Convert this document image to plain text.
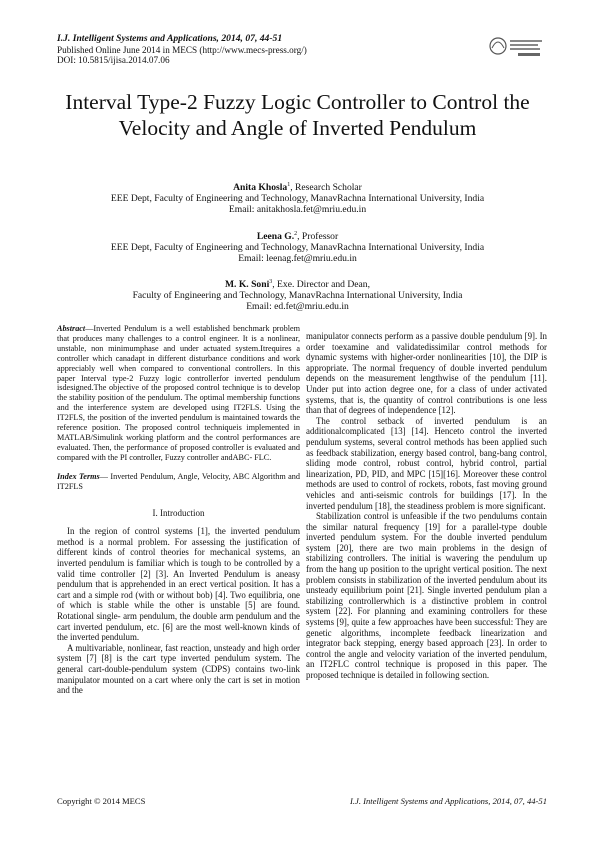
I.J. Intelligent Systems and Applications, 2014, 07, 44-51
Published Online June 2014 in MECS (http://www.mecs-press.org/)
DOI: 10.5815/ijisa.2014.07.06
Interval Type-2 Fuzzy Logic Controller to Control the Velocity and Angle of Inverted Pendulum
Anita Khosla$^1$, Research Scholar
EEE Dept, Faculty of Engineering and Technology, ManavRachna International University, India
Email: anitakhosla.fet@mriu.edu.in
Leena G.$^2$, Professor
EEE Dept, Faculty of Engineering and Technology, ManavRachna International University, India
Email: leenag.fet@mriu.edu.in
M. K. Soni$^3$, Exe. Director and Dean,
Faculty of Engineering and Technology, ManavRachna International University, India
Email: ed.fet@mriu.edu.in

Abstract—Inverted Pendulum is a well established benchmark problem that produces many challenges to a control engineer. It is a nonlinear, unstable, non minimumphase and under actuated system.Itrequires a controller which canadapt in different disturbance conditions and work appreciably well when compared to conventional controllers. In this paper Interval type-2 Fuzzy logic controllerfor inverted pendulum isdesigned.The objective of the proposed control technique is to develop the stability position of the pendulum. The optimal membership functions and the interference system are developed using IT2FLS. Using the IT2FLS, the position of the inverted pendulum is maintained towards the reference position. The proposed control techniqueis implemented in MATLAB/Simulink working platform and the control performances are evaluated. Then, the performance of proposed controller is evaluated and compared with the PI controller, Fuzzy controller andABC- FLC.

Index Terms— Inverted Pendulum, Angle, Velocity, ABC Algorithm and IT2FLS

I. Introduction

In the region of control systems [1], the inverted pendulum method is a normal problem. For assessing the justification of different kinds of control theories for mechanical systems, an inverted pendulum is familiar which is tough to be controlled by a valid time controller [2] [3]. An Inverted Pendulum is aneasy pendulum that is apprehended in an erect vertical position. It has a cart and a simple rod (with or without bob) [4]. Two equilibria, one of which is stable while the other is unstable [5] are found. Rotational single- arm pendulum, the double arm pendulum and the cart inverted pendulum, etc. [6] are the most well-known kinds of the inverted pendulum.

A multivariable, nonlinear, fast reaction, unsteady and high order system [7] [8] is the cart type inverted pendulum system. The general cart-double-pendulum system (CDPS) contains two-link manipulator mounted on a cart where only the cart is set in motion and the

manipulator connects perform as a passive double pendulum [9]. In order toexamine and validatedissimilar control methods for dynamic systems with higher-order nonlinearities [10], the DIP is appropriate. The normal frequency of double inverted pendulum depends on the measurement lengthwise of the pendulum [11]. Under put into action degree one, for a class of under activated systems, that is, the quantity of control contributions is one less than that of degrees of independence [12].

The control setback of inverted pendulum is an additionalcomplicated [13] [14]. Henceto control the inverted pendulum systems, several control methods has been applied such as feedback stabilization, energy based control, bang-bang control, sliding mode control, robust control, hybrid control, partial linearization, PD, PID, and MPC [15][16]. Moreover these control methods are used to control of rockets, robots, fast moving ground vehicles and anti-seismic controls for buildings [17]. In the inverted pendulum [18], the steadiness problem is more significant.

Stabilization control is unfeasible if the two pendulums contain the similar natural frequency [19] for a parallel-type double inverted pendulum system. For the double inverted pendulum system [20], there are two main problems in the design of stabilizing controllers. The initial is wavering the pendulum up from the hang up position to the upright vertical position. The next problem consists in stabilization of the inverted pendulum about its unsteady equilibrium point [21]. Single inverted pendulum plan a stabilizing controllerwhich is a distinctive problem in control system [22]. For planning and examining controllers for these systems [9], quite a few approaches have been successful: They are genetic algorithms, incomplete feedback linearization and integrator back stepping, energy based approach [23]. In order to control the angle and velocity variation of the inverted pendulum, an IT2FLC control technique is proposed in this paper. The proposed technique is detailed in following section.

Copyright © 2014 MECS	I.J. Intelligent Systems and Applications, 2014, 07, 44-51
